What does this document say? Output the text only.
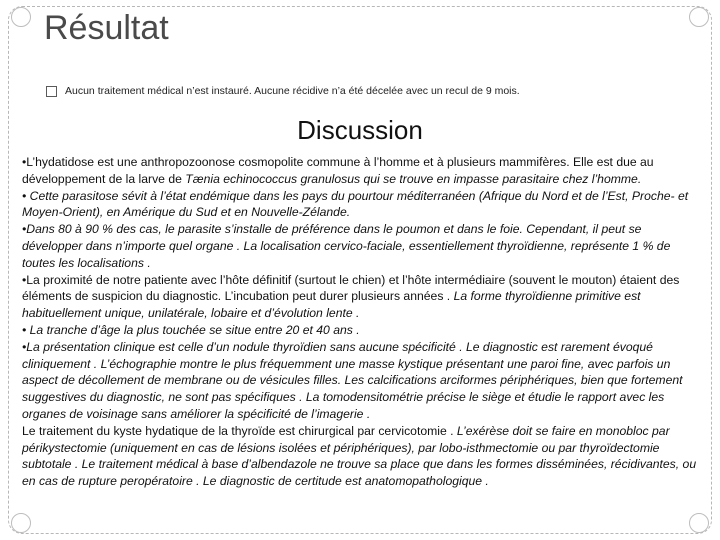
Résultat
Aucun traitement médical n’est instauré. Aucune récidive n’a été décelée avec un recul de 9 mois.
Discussion

•L’hydatidose est une anthropozoonose cosmopolite commune à l’homme et à plusieurs mammifères. Elle est due au développement de la larve de Tænia echinococcus granulosus qui se trouve en impasse parasitaire chez l’homme.

• Cette parasitose sévit à l’état endémique dans les pays du pourtour méditerranéen (Afrique du Nord et de l’Est, Proche- et Moyen-Orient), en Amérique du Sud et en Nouvelle-Zélande.

•Dans 80 à 90 % des cas, le parasite s’installe de préférence dans le poumon et dans le foie. Cependant, il peut se développer dans n’importe quel organe . La localisation cervico-faciale, essentiellement thyroïdienne, représente 1 % de toutes les localisations .

•La proximité de notre patiente avec l’hôte définitif (surtout le chien) et l’hôte intermédiaire (souvent le mouton) étaient des éléments de suspicion du diagnostic. L’incubation peut durer plusieurs années . La forme thyroïdienne primitive est habituellement unique, unilatérale, lobaire et d’évolution lente .

• La tranche d’âge la plus touchée se situe entre 20 et 40 ans .

•La présentation clinique est celle d’un nodule thyroïdien sans aucune spécificité . Le diagnostic est rarement évoqué cliniquement . L’échographie montre le plus fréquemment une masse kystique présentant une paroi fine, avec parfois un aspect de décollement de membrane ou de vésicules filles. Les calcifications arciformes périphériques, bien que fortement suggestives du diagnostic, ne sont pas spécifiques . La tomodensitométrie précise le siège et étudie le rapport avec les organes de voisinage sans améliorer la spécificité de l’imagerie .

Le traitement du kyste hydatique de la thyroïde est chirurgical par cervicotomie . L’exérèse doit se faire en monobloc par périkystectomie (uniquement en cas de lésions isolées et périphériques), par lobo-isthmectomie ou par thyroïdectomie subtotale . Le traitement médical à base d’albendazole ne trouve sa place que dans les formes disséminées, récidivantes, ou en cas de rupture peropératoire . Le diagnostic de certitude est anatomopathologique .
